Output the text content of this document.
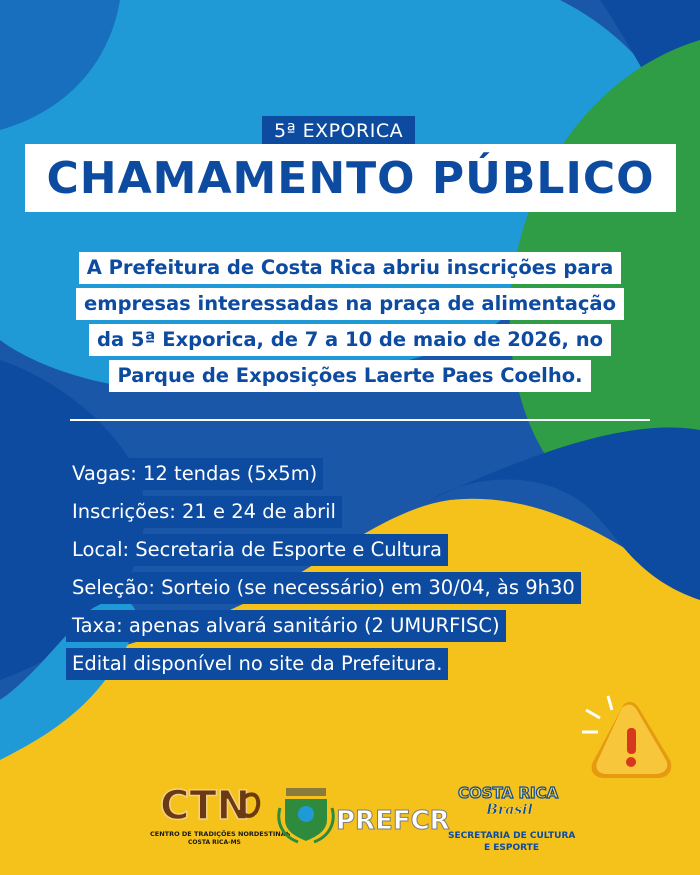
5ª EXPORICA
CHAMAMENTO PÚBLICO
A Prefeitura de Costa Rica abriu inscrições para
empresas interessadas na praça de alimentação
da 5ª Exporica, de 7 a 10 de maio de 2026, no
Parque de Exposições Laerte Paes Coelho.
Vagas: 12 tendas (5x5m)
Inscrições: 21 e 24 de abril
Local: Secretaria de Esporte e Cultura
Seleção: Sorteio (se necessário) em 30/04, às 9h30
Taxa: apenas alvará sanitário (2 UMURFISC)
Edital disponível no site da Prefeitura.
CTN
CENTRO DE TRADIÇÕES NORDESTINAS
COSTA RICA-MS
PREFCR
COSTA RICA
Brasil
SECRETARIA DE CULTURA
E ESPORTE
